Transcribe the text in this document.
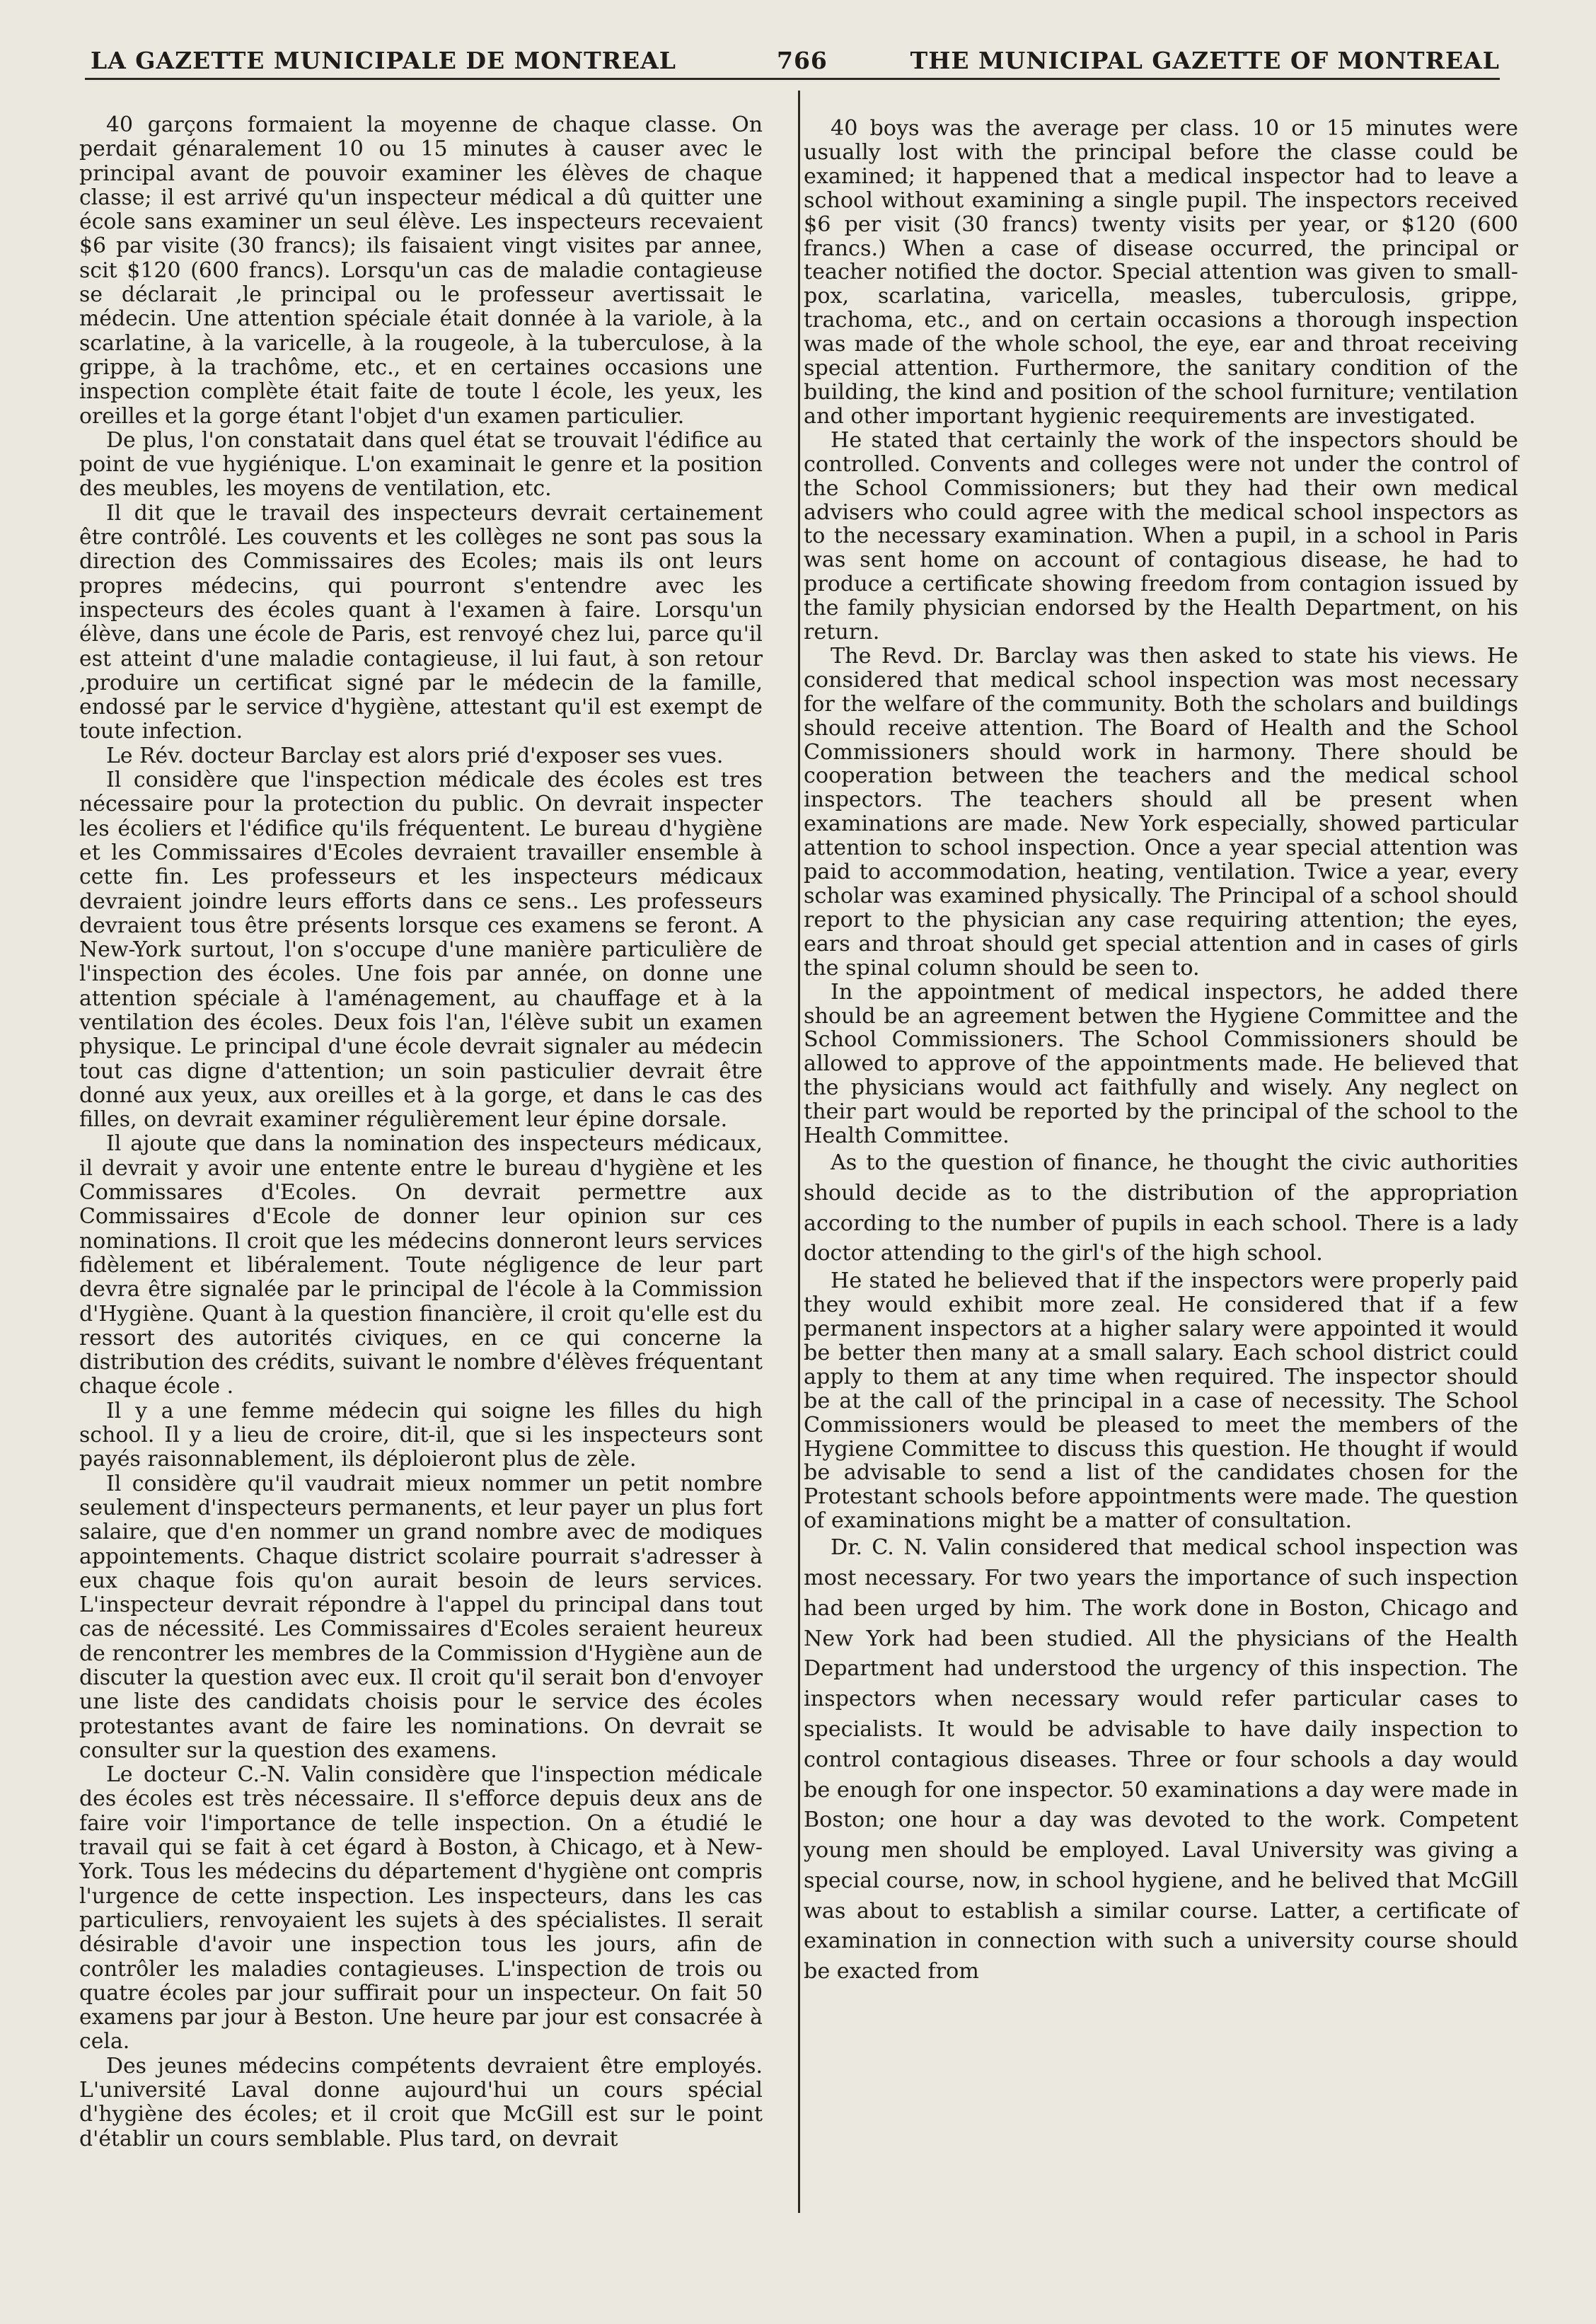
LA GAZETTE MUNICIPALE DE MONTREAL	766	THE MUNICIPAL GAZETTE OF MONTREAL

40 garçons formaient la moyenne de chaque classe. On perdait génaralement 10 ou 15 minutes à causer avec le principal avant de pouvoir examiner les élèves de chaque classe; il est arrivé qu'un inspecteur médical a dû quitter une école sans examiner un seul élève. Les inspecteurs recevaient $6 par visite (30 francs); ils faisaient vingt visites par annee, scit $120 (600 francs). Lorsqu'un cas de maladie contagieuse se déclarait ,le principal ou le professeur avertissait le médecin. Une attention spéciale était donnée à la variole, à la scarlatine, à la varicelle, à la rougeole, à la tuberculose, à la grippe, à la trachôme, etc., et en certaines occasions une inspection complète était faite de toute l école, les yeux, les oreilles et la gorge étant l'objet d'un examen particulier.

De plus, l'on constatait dans quel état se trouvait l'édifice au point de vue hygiénique. L'on examinait le genre et la position des meubles, les moyens de ventilation, etc.

Il dit que le travail des inspecteurs devrait certainement être contrôlé. Les couvents et les collèges ne sont pas sous la direction des Commissaires des Ecoles; mais ils ont leurs propres médecins, qui pourront s'entendre avec les inspecteurs des écoles quant à l'examen à faire. Lorsqu'un élève, dans une école de Paris, est renvoyé chez lui, parce qu'il est atteint d'une maladie contagieuse, il lui faut, à son retour ,produire un certificat signé par le médecin de la famille, endossé par le service d'hygiène, attestant qu'il est exempt de toute infection.

Le Rév. docteur Barclay est alors prié d'exposer ses vues.

Il considère que l'inspection médicale des écoles est tres nécessaire pour la protection du public. On devrait inspecter les écoliers et l'édifice qu'ils fréquentent. Le bureau d'hygiène et les Commissaires d'Ecoles devraient travailler ensemble à cette fin. Les professeurs et les inspecteurs médicaux devraient joindre leurs efforts dans ce sens.. Les professeurs devraient tous être présents lorsque ces examens se feront. A New-York surtout, l'on s'occupe d'une manière particulière de l'inspection des écoles. Une fois par année, on donne une attention spéciale à l'aménagement, au chauffage et à la ventilation des écoles. Deux fois l'an, l'élève subit un examen physique. Le principal d'une école devrait signaler au médecin tout cas digne d'attention; un soin pasticulier devrait être donné aux yeux, aux oreilles et à la gorge, et dans le cas des filles, on devrait examiner régulièrement leur épine dorsale.

Il ajoute que dans la nomination des inspecteurs médicaux, il devrait y avoir une entente entre le bureau d'hygiène et les Commissares d'Ecoles. On devrait permettre aux Commissaires d'Ecole de donner leur opinion sur ces nominations. Il croit que les médecins donneront leurs services fidèlement et libéralement. Toute négligence de leur part devra être signalée par le principal de l'école à la Commission d'Hygiène. Quant à la question financière, il croit qu'elle est du ressort des autorités civiques, en ce qui concerne la distribution des crédits, suivant le nombre d'élèves fréquentant chaque école .

Il y a une femme médecin qui soigne les filles du high school. Il y a lieu de croire, dit-il, que si les inspecteurs sont payés raisonnablement, ils déploieront plus de zèle.

Il considère qu'il vaudrait mieux nommer un petit nombre seulement d'inspecteurs permanents, et leur payer un plus fort salaire, que d'en nommer un grand nombre avec de modiques appointements. Chaque district scolaire pourrait s'adresser à eux chaque fois qu'on aurait besoin de leurs services. L'inspecteur devrait répondre à l'appel du principal dans tout cas de nécessité. Les Commissaires d'Ecoles seraient heureux de rencontrer les membres de la Commission d'Hygiène aun de discuter la question avec eux. Il croit qu'il serait bon d'envoyer une liste des candidats choisis pour le service des écoles protestantes avant de faire les nominations. On devrait se consulter sur la question des examens.

Le docteur C.-N. Valin considère que l'inspection médicale des écoles est très nécessaire. Il s'efforce depuis deux ans de faire voir l'importance de telle inspection. On a étudié le travail qui se fait à cet égard à Boston, à Chicago, et à New-York. Tous les médecins du département d'hygiène ont compris l'urgence de cette inspection. Les inspecteurs, dans les cas particuliers, renvoyaient les sujets à des spécialistes. Il serait désirable d'avoir une inspection tous les jours, afin de contrôler les maladies contagieuses. L'inspection de trois ou quatre écoles par jour suffirait pour un inspecteur. On fait 50 examens par jour à Beston. Une heure par jour est consacrée à cela.

Des jeunes médecins compétents devraient être employés. L'université Laval donne aujourd'hui un cours spécial d'hygiène des écoles; et il croit que McGill est sur le point d'établir un cours semblable. Plus tard, on devrait

40 boys was the average per class. 10 or 15 minutes were usually lost with the principal before the classe could be examined; it happened that a medical inspector had to leave a school without examining a single pupil. The inspectors received $6 per visit (30 francs) twenty visits per year, or $120 (600 francs.) When a case of disease occurred, the principal or teacher notified the doctor. Special attention was given to small-pox, scarlatina, varicella, measles, tuberculosis, grippe, trachoma, etc., and on certain occasions a thorough inspection was made of the whole school, the eye, ear and throat receiving special attention. Furthermore, the sanitary condition of the building, the kind and position of the school furniture; ventilation and other important hygienic reequirements are investigated.

He stated that certainly the work of the inspectors should be controlled. Convents and colleges were not under the control of the School Commissioners; but they had their own medical advisers who could agree with the medical school inspectors as to the necessary examination. When a pupil, in a school in Paris was sent home on account of contagious disease, he had to produce a certificate showing freedom from contagion issued by the family physician endorsed by the Health Department, on his return.

The Revd. Dr. Barclay was then asked to state his views. He considered that medical school inspection was most necessary for the welfare of the community. Both the scholars and buildings should receive attention. The Board of Health and the School Commissioners should work in harmony. There should be cooperation between the teachers and the medical school inspectors. The teachers should all be present when examinations are made. New York especially, showed particular attention to school inspection. Once a year special attention was paid to accommodation, heating, ventilation. Twice a year, every scholar was examined physically. The Principal of a school should report to the physician any case requiring attention; the eyes, ears and throat should get special attention and in cases of girls the spinal column should be seen to.

In the appointment of medical inspectors, he added there should be an agreement betwen the Hygiene Committee and the School Commissioners. The School Commissioners should be allowed to approve of the appointments made. He believed that the physicians would act faithfully and wisely. Any neglect on their part would be reported by the principal of the school to the Health Committee.

As to the question of finance, he thought the civic authorities should decide as to the distribution of the appropriation according to the number of pupils in each school. There is a lady doctor attending to the girl's of the high school.

He stated he believed that if the inspectors were properly paid they would exhibit more zeal. He considered that if a few permanent inspectors at a higher salary were appointed it would be better then many at a small salary. Each school district could apply to them at any time when required. The inspector should be at the call of the principal in a case of necessity. The School Commissioners would be pleased to meet the members of the Hygiene Committee to discuss this question. He thought if would be advisable to send a list of the candidates chosen for the Protestant schools before appointments were made. The question of examinations might be a matter of consultation.

Dr. C. N. Valin considered that medical school inspection was most necessary. For two years the importance of such inspection had been urged by him. The work done in Boston, Chicago and New York had been studied. All the physicians of the Health Department had understood the urgency of this inspection. The inspectors when necessary would refer particular cases to specialists. It would be advisable to have daily inspection to control contagious diseases. Three or four schools a day would be enough for one inspector. 50 examinations a day were made in Boston; one hour a day was devoted to the work. Competent young men should be employed. Laval University was giving a special course, now, in school hygiene, and he belived that McGill was about to establish a similar course. Latter, a certificate of examination in connection with such a university course should be exacted from
